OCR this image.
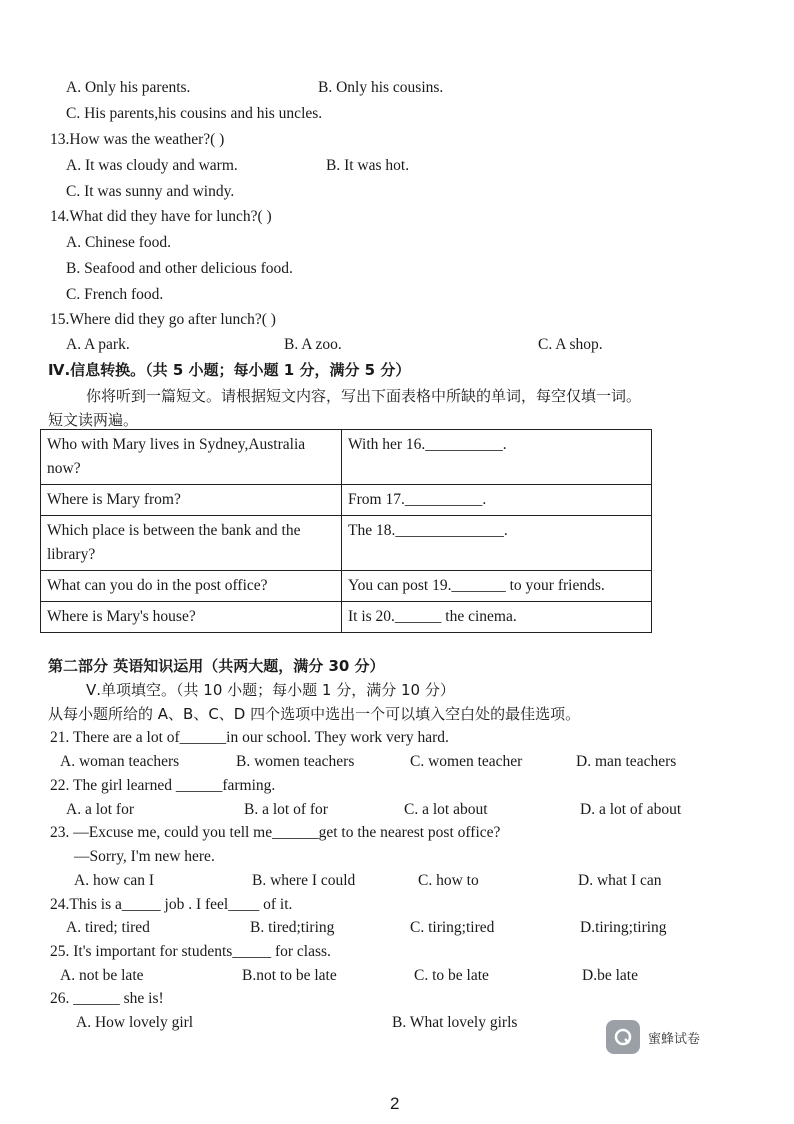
A. Only his parents.	B. Only his cousins.
C. His parents,his cousins and his uncles.
13.How was the weather?( )
A. It was cloudy and warm.	B. It was hot.
C. It was sunny and windy.
14.What did they have for lunch?( )
A. Chinese food.
B. Seafood and other delicious food.
C. French food.
15.Where did they go after lunch?( )
A. A park.	B. A zoo.	C. A shop.
Ⅳ.信息转换。（共 5 小题；每小题 1 分，满分 5 分）
你将听到一篇短文。请根据短文内容，写出下面表格中所缺的单词，每空仅填一词。
短文读两遍。
Who with Mary lives in Sydney,Australia now?	With her 16.__________.
Where is Mary from?	From 17.__________.
Which place is between the bank and the library?	The 18.______________.
What can you do in the post office?	You can post 19._______ to your friends.
Where is Mary's house?	It is 20.______ the cinema.
第二部分 英语知识运用（共两大题，满分 30 分）
Ⅴ.单项填空。（共 10 小题；每小题 1 分，满分 10 分）
从每小题所给的 A、B、C、D 四个选项中选出一个可以填入空白处的最佳选项。
21. There are a lot of______in our school. They work very hard.
A. woman teachers	B. women teachers	C. women teacher	D. man teachers
22. The girl learned ______farming.
A. a lot for	B. a lot of for	C. a lot about	D. a lot of about
23. —Excuse me, could you tell me______get to the nearest post office?
—Sorry, I'm new here.
A. how can I	B. where I could	C. how to	D. what I can
24.This is a_____ job . I feel____ of it.
A. tired; tired	B. tired;tiring	C. tiring;tired	D.tiring;tiring
25. It's important for students_____ for class.
A. not be late	B.not to be late	C. to be late	D.be late
26. ______ she is!
A. How lovely girl	B. What lovely girls
蜜蜂试卷
2
